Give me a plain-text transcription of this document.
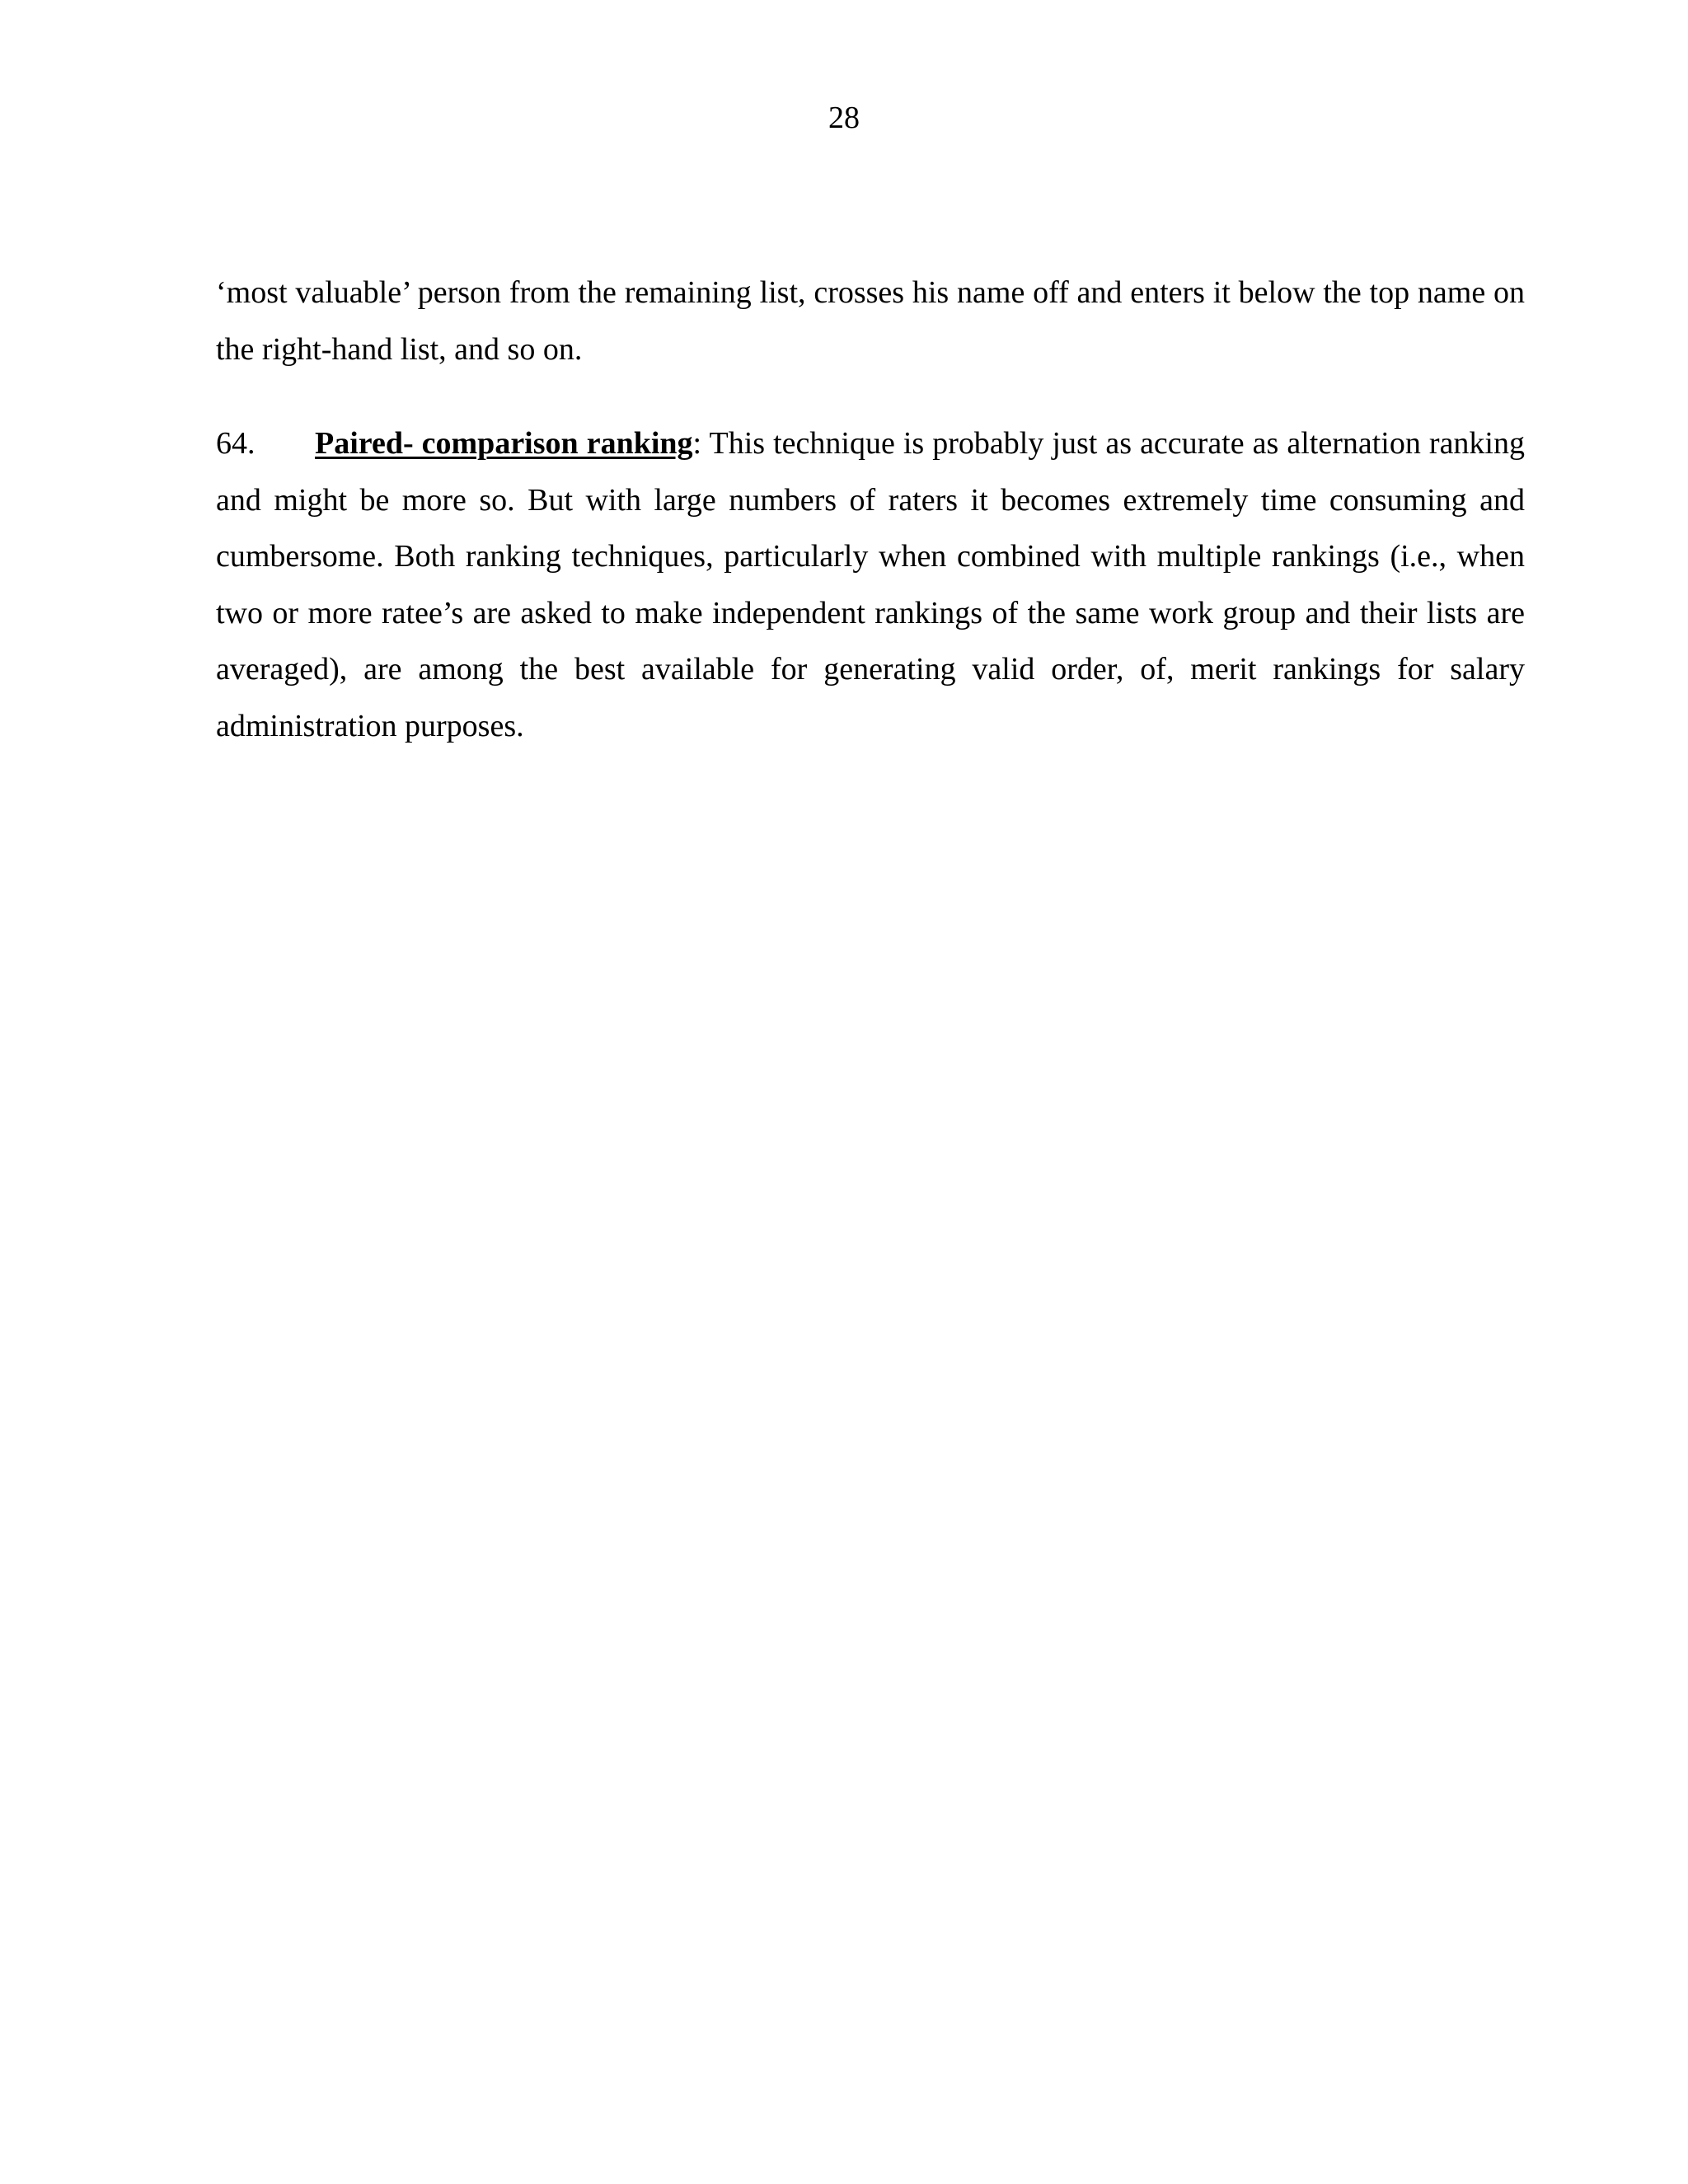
28

‘most valuable’ person from the remaining list, crosses his name off and enters it below the top name on the right-hand list, and so on.

64. Paired- comparison ranking: This technique is probably just as accurate as alternation ranking and might be more so. But with large numbers of raters it becomes extremely time consuming and cumbersome. Both ranking techniques, particularly when combined with multiple rankings (i.e., when two or more ratee’s are asked to make independent rankings of the same work group and their lists are averaged), are among the best available for generating valid order, of, merit rankings for salary administration purposes.
